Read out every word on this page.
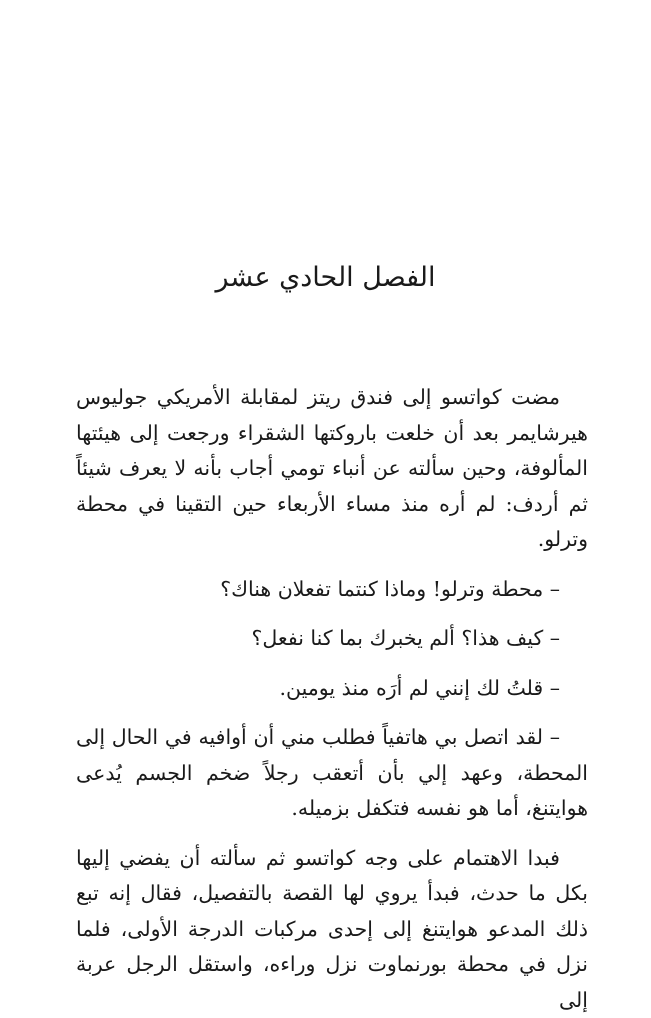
الفصل الحادي عشر

مضت كواتسو إلى فندق ريتز لمقابلة الأمريكي جوليوس هيرشايمر بعد أن خلعت باروكتها الشقراء ورجعت إلى هيئتها المألوفة، وحين سألته عن أنباء تومي أجاب بأنه لا يعرف شيئاً ثم أردف: لم أره منذ مساء الأربعاء حين التقينا في محطة وترلو.

– محطة وترلو! وماذا كنتما تفعلان هناك؟

– كيف هذا؟ ألم يخبرك بما كنا نفعل؟

– قلتُ لك إنني لم أرَه منذ يومين.

– لقد اتصل بي هاتفياً فطلب مني أن أوافيه في الحال إلى المحطة، وعهد إلي بأن أتعقب رجلاً ضخم الجسم يُدعى هوايتنغ، أما هو نفسه فتكفل بزميله.

فبدا الاهتمام على وجه كواتسو ثم سألته أن يفضي إليها بكل ما حدث، فبدأ يروي لها القصة بالتفصيل، فقال إنه تبع ذلك المدعو هوايتنغ إلى إحدى مركبات الدرجة الأولى، فلما نزل في محطة بورنماوت نزل وراءه، واستقل الرجل عربة إلى
